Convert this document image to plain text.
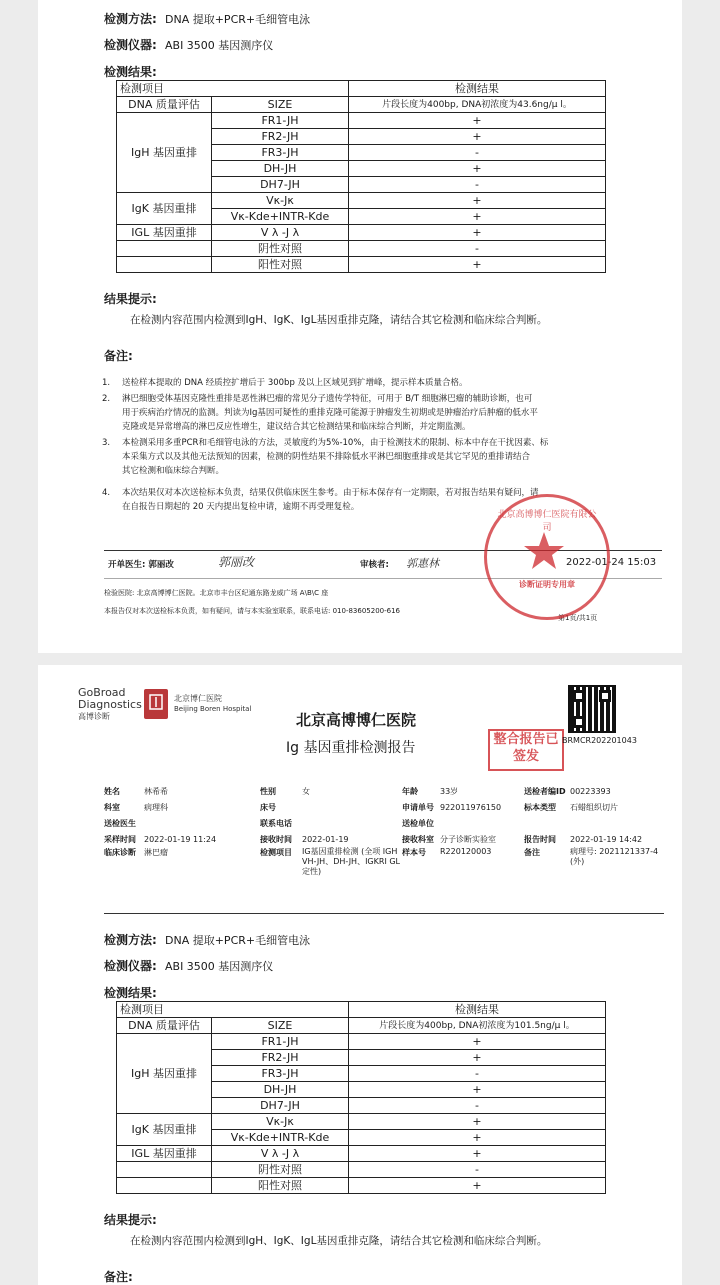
检测方法: DNA 提取+PCR+毛细管电泳
检测仪器: ABI 3500 基因测序仪
检测结果:
检测项目		检测结果
DNA 质量评估	SIZE	片段长度为400bp, DNA初浓度为43.6ng/μ l。
IgH 基因重排	FR1-JH	+
	FR2-JH	+
	FR3-JH	-
	DH-JH	+
	DH7-JH	-
IgK 基因重排	Vκ-Jκ	+
	Vκ-Kde+INTR-Kde	+
IGL 基因重排	V λ -J λ	+
	阴性对照	-
	阳性对照	+
结果提示:
在检测内容范围内检测到IgH、IgK、IgL基因重排克隆，请结合其它检测和临床综合判断。
备注:
1.	送检样本提取的 DNA 经质控扩增后于 300bp 及以上区域见到扩增峰，提示样本质量合格。
2.	淋巴细胞受体基因克隆性重排是恶性淋巴瘤的常见分子遗传学特征，可用于 B/T 细胞淋巴瘤的辅助诊断，也可
用于疾病治疗情况的监测。判读为Ig基因可疑性的重排克隆可能源于肿瘤发生初期或是肿瘤治疗后肿瘤的低水平
克隆或是异常增高的淋巴反应性增生，建议结合其它检测结果和临床综合判断，并定期监测。
3.	本检测采用多重PCR和毛细管电泳的方法，灵敏度约为5%-10%，由于检测技术的限制、标本中存在干扰因素、标
本采集方式以及其他无法预知的因素，检测的阴性结果不排除低水平淋巴细胞重排或是其它罕见的重排请结合
其它检测和临床综合判断。
4.	本次结果仅对本次送检标本负责，结果仅供临床医生参考。由于标本保存有一定期限，若对报告结果有疑问，请
在自报告日期起的 20 天内提出复检申请，逾期不再受理复检。
开单医生: 郭丽改	郭丽改	审核者: 郭惠林	2022-01-24 15:03
检验医院: 北京高博博仁医院。北京市丰台区纪通东路龙威广场 A\B\C 座
本报告仅对本次送检标本负责，如有疑问，请与本实验室联系，联系电话: 010-83605200-616
第1页/共1页
北京高博博仁医院有限公司
诊断证明专用章
GoBroad
Diagnostics
高博诊断
北京博仁医院
Beijing Boren Hospital
北京高博博仁医院
Ig 基因重排检测报告
整合报告已签发
BRMCR202201043
姓名	林希希	性别	女	年龄	33岁	送检者编ID	00223393
科室	病理科	床号		申请单号	922011976150	标本类型	石蜡组织切片
送检医生		联系电话		送检单位			
采样时间	2022-01-19 11:24	接收时间	2022-01-19	接收科室	分子诊断实验室	报告时间	2022-01-19 14:42
临床诊断	淋巴瘤	检测项目	IG基因重排检测 (全项 IGH VH-JH、DH-JH、IGKRI GL定性)	样本号	R220120003	备注	病理号: 2021121337-4 (外)
检测方法: DNA 提取+PCR+毛细管电泳
检测仪器: ABI 3500 基因测序仪
检测结果:
检测项目		检测结果
DNA 质量评估	SIZE	片段长度为400bp, DNA初浓度为101.5ng/μ l。
IgH 基因重排	FR1-JH	+
	FR2-JH	+
	FR3-JH	-
	DH-JH	+
	DH7-JH	-
IgK 基因重排	Vκ-Jκ	+
	Vκ-Kde+INTR-Kde	+
IGL 基因重排	V λ -J λ	+
	阴性对照	-
	阳性对照	+
结果提示:
在检测内容范围内检测到IgH、IgK、IgL基因重排克隆，请结合其它检测和临床综合判断。
备注:
